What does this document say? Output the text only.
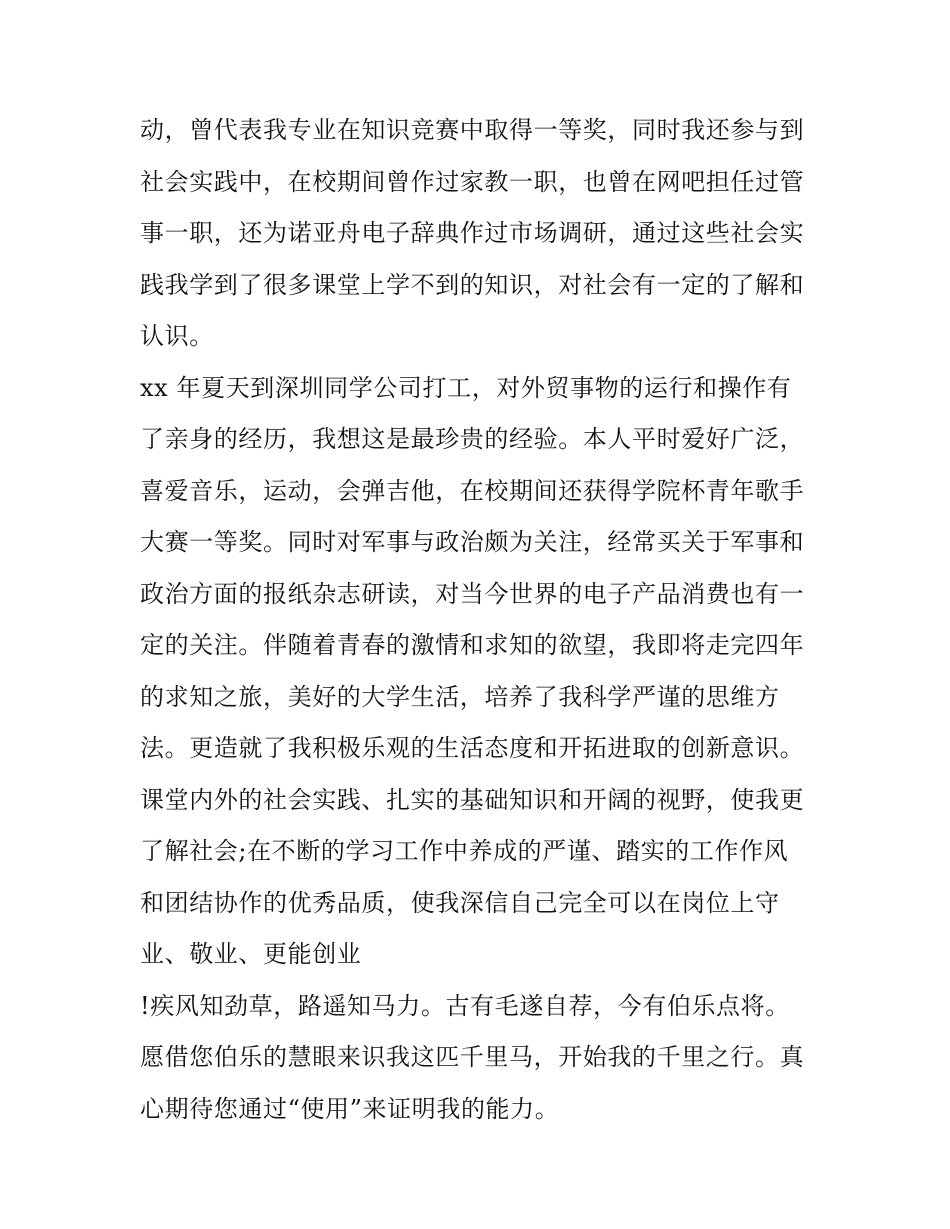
动，曾代表我专业在知识竞赛中取得一等奖，同时我还参与到
社会实践中，在校期间曾作过家教一职，也曾在网吧担任过管
事一职，还为诺亚舟电子辞典作过市场调研，通过这些社会实
践我学到了很多课堂上学不到的知识，对社会有一定的了解和
认识。
xx 年夏天到深圳同学公司打工，对外贸事物的运行和操作有
了亲身的经历，我想这是最珍贵的经验。本人平时爱好广泛，
喜爱音乐，运动，会弹吉他，在校期间还获得学院杯青年歌手
大赛一等奖。同时对军事与政治颇为关注，经常买关于军事和
政治方面的报纸杂志研读，对当今世界的电子产品消费也有一
定的关注。伴随着青春的激情和求知的欲望，我即将走完四年
的求知之旅，美好的大学生活，培养了我科学严谨的思维方
法。更造就了我积极乐观的生活态度和开拓进取的创新意识。
课堂内外的社会实践、扎实的基础知识和开阔的视野，使我更
了解社会;在不断的学习工作中养成的严谨、踏实的工作作风
和团结协作的优秀品质，使我深信自己完全可以在岗位上守
业、敬业、更能创业
!疾风知劲草，路遥知马力。古有毛遂自荐，今有伯乐点将。
愿借您伯乐的慧眼来识我这匹千里马，开始我的千里之行。真
心期待您通过“使用”来证明我的能力。
